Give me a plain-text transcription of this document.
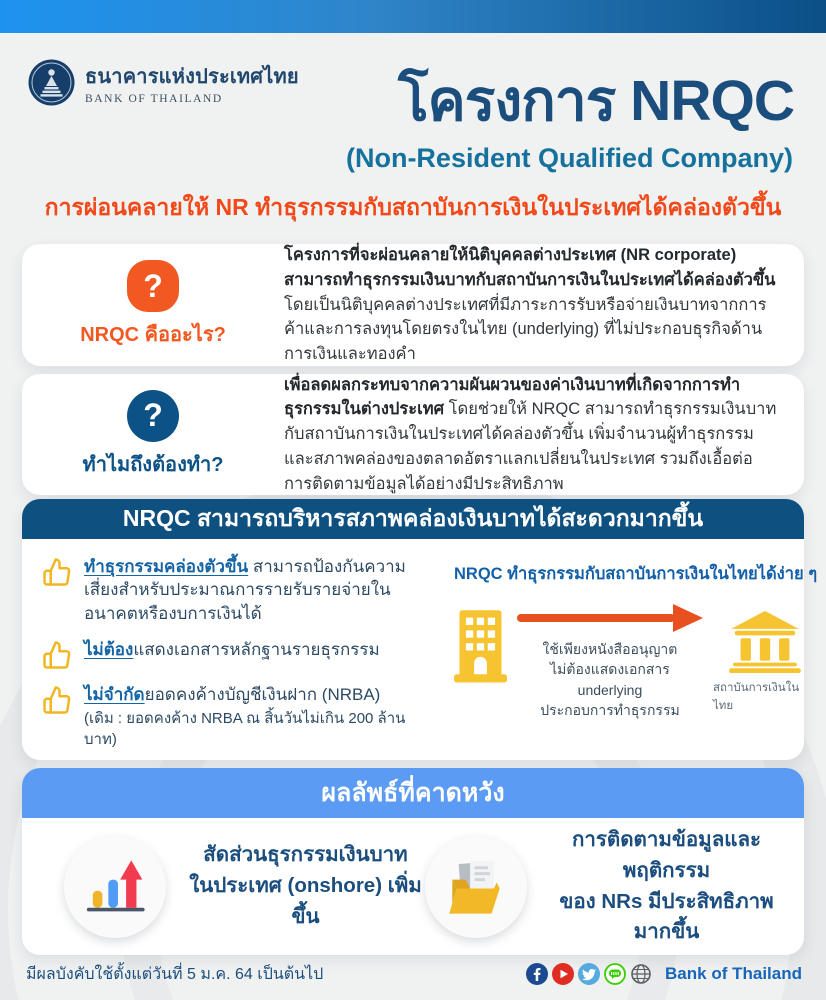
ธนาคารแห่งประเทศไทย
BANK OF THAILAND	โครงการ NRQC
(Non-Resident Qualified Company)
การผ่อนคลายให้ NR ทำธุรกรรมกับสถาบันการเงินในประเทศได้คล่องตัวขึ้น
?
NRQC คืออะไร?

โครงการที่จะผ่อนคลายให้นิติบุคคลต่างประเทศ (NR corporate) สามารถทำธุรกรรมเงินบาทกับสถาบันการเงินในประเทศได้คล่องตัวขึ้น โดยเป็นนิติบุคคลต่างประเทศที่มีภาระการรับหรือจ่ายเงินบาทจากการค้าและการลงทุนโดยตรงในไทย (underlying) ที่ไม่ประกอบธุรกิจด้านการเงินและทองคำ

?
ทำไมถึงต้องทำ?

เพื่อลดผลกระทบจากความผันผวนของค่าเงินบาทที่เกิดจากการทำธุรกรรมในต่างประเทศ โดยช่วยให้ NRQC สามารถทำธุรกรรมเงินบาทกับสถาบันการเงินในประเทศได้คล่องตัวขึ้น เพิ่มจำนวนผู้ทำธุรกรรม และสภาพคล่องของตลาดอัตราแลกเปลี่ยนในประเทศ รวมถึงเอื้อต่อการติดตามข้อมูลได้อย่างมีประสิทธิภาพ

NRQC สามารถบริหารสภาพคล่องเงินบาทได้สะดวกมากขึ้น
ทำธุรกรรมคล่องตัวขึ้น สามารถป้องกันความเสี่ยงสำหรับประมาณการรายรับรายจ่ายในอนาคตหรืองบการเงินได้
ไม่ต้องแสดงเอกสารหลักฐานรายธุรกรรม
ไม่จำกัดยอดคงค้างบัญชีเงินฝาก (NRBA)
(เดิม : ยอดคงค้าง NRBA ณ สิ้นวันไม่เกิน 200 ล้านบาท)
NRQC ทำธุรกรรมกับสถาบันการเงินในไทยได้ง่าย ๆ
ใช้เพียงหนังสืออนุญาต
ไม่ต้องแสดงเอกสาร underlying
ประกอบการทำธุรกรรม
สถาบันการเงินในไทย
ผลลัพธ์ที่คาดหวัง
สัดส่วนธุรกรรมเงินบาท
ในประเทศ (onshore) เพิ่มขึ้น
การติดตามข้อมูลและพฤติกรรม
ของ NRs มีประสิทธิภาพมากขึ้น
มีผลบังคับใช้ตั้งแต่วันที่ 5 ม.ค. 64 เป็นต้นไป	Bank of Thailand
